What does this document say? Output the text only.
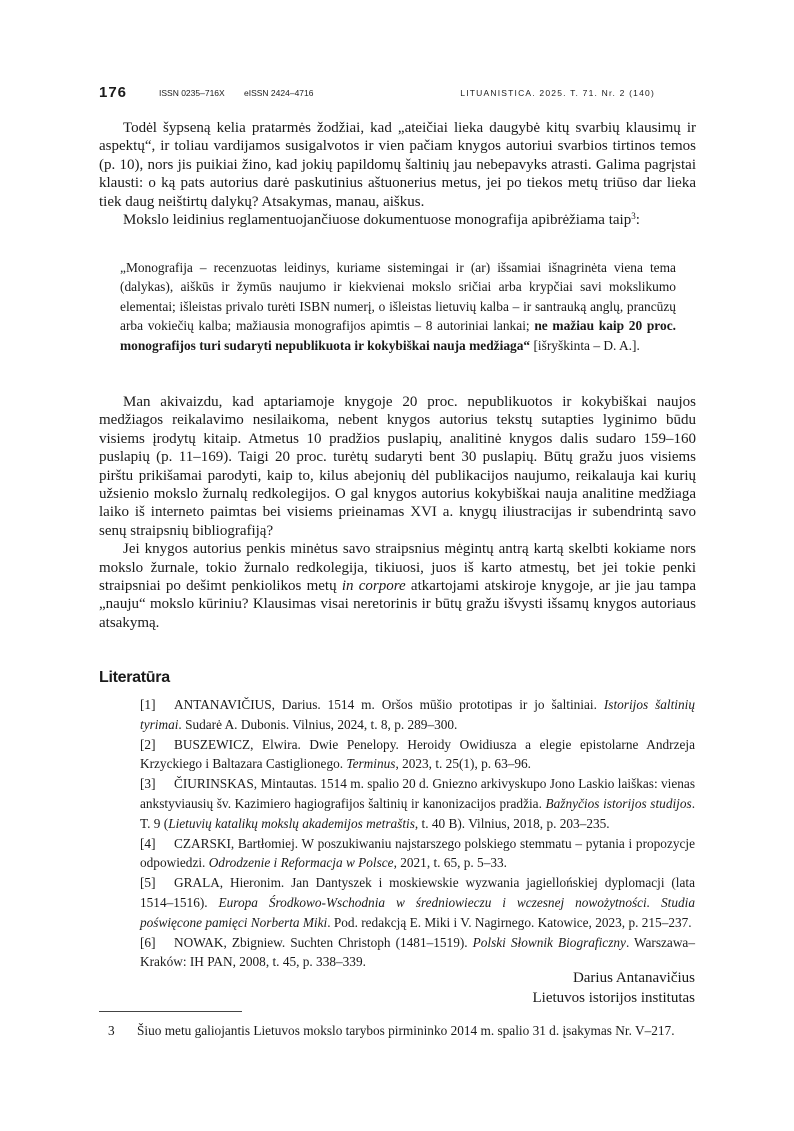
176	ISSN 0235–716X eISSN 2424–4716	LITUANISTICA. 2025. T. 71. Nr. 2 (140)

Todėl šypseną kelia pratarmės žodžiai, kad „ateičiai lieka daugybė kitų svarbių klausimų ir aspektų“, ir toliau vardijamos susigalvotos ir vien pačiam knygos autoriui svarbios tirtinos temos (p. 10), nors jis puikiai žino, kad jokių papildomų šaltinių jau nebepavyks atrasti. Galima pagrįstai klausti: o ką pats autorius darė paskutinius aštuonerius metus, jei po tiekos metų triūso dar lieka tiek daug neištirtų dalykų? Atsakymas, manau, aiškus.

Mokslo leidinius reglamentuojančiuose dokumentuose monografija apibrėžiama taip$^3$:

„Monografija – recenzuotas leidinys, kuriame sistemingai ir (ar) išsamiai išnagrinėta viena tema (dalykas), aiškūs ir žymūs naujumo ir kiekvienai mokslo sričiai arba krypčiai savi mokslikumo elementai; išleistas privalo turėti ISBN numerį, o išleistas lietuvių kalba – ir santrauką anglų, prancūzų arba vokiečių kalba; mažiausia monografijos apimtis – 8 autoriniai lankai; ne mažiau kaip 20 proc. monografijos turi sudaryti nepublikuota ir kokybiškai nauja medžiaga“ [išryškinta – D. A.].

Man akivaizdu, kad aptariamoje knygoje 20 proc. nepublikuotos ir kokybiškai naujos medžiagos reikalavimo nesilaikoma, nebent knygos autorius tekstų sutapties lyginimo būdu visiems įrodytų kitaip. Atmetus 10 pradžios puslapių, analitinė knygos dalis sudaro 159–160 puslapių (p. 11–169). Taigi 20 proc. turėtų sudaryti bent 30 puslapių. Būtų gražu juos visiems pirštu prikišamai parodyti, kaip to, kilus abejonių dėl publikacijos naujumo, reikalauja kai kurių užsienio mokslo žurnalų redkolegijos. O gal knygos autorius kokybiškai nauja analitine medžiaga laiko iš interneto paimtas bei visiems prieinamas XVI a. knygų iliustracijas ir subendrintą savo senų straipsnių bibliografiją?

Jei knygos autorius penkis minėtus savo straipsnius mėgintų antrą kartą skelbti kokiame nors mokslo žurnale, tokio žurnalo redkolegija, tikiuosi, juos iš karto atmestų, bet jei tokie penki straipsniai po dešimt penkiolikos metų in corpore atkartojami atskiroje knygoje, ar jie jau tampa „nauju“ mokslo kūriniu? Klausimas visai neretorinis ir būtų gražu išvysti išsamų knygos autoriaus atsakymą.

Literatūra

[1] ANTANAVIČIUS, Darius. 1514 m. Oršos mūšio prototipas ir jo šaltiniai. Istorijos šaltinių tyrimai. Sudarė A. Dubonis. Vilnius, 2024, t. 8, p. 289–300.

[2] BUSZEWICZ, Elwira. Dwie Penelopy. Heroidy Owidiusza a elegie epistolarne Andrzeja Krzyckiego i Baltazara Castiglionego. Terminus, 2023, t. 25(1), p. 63–96.

[3] ČIURINSKAS, Mintautas. 1514 m. spalio 20 d. Gniezno arkivyskupo Jono Laskio laiškas: vienas ankstyviausių šv. Kazimiero hagiografijos šaltinių ir kanonizacijos pradžia. Bažnyčios istorijos studijos. T. 9 (Lietuvių katalikų mokslų akademijos metraštis, t. 40 B). Vilnius, 2018, p. 203–235.

[4] CZARSKI, Bartłomiej. W poszukiwaniu najstarszego polskiego stemmatu – pytania i propozycje odpowiedzi. Odrodzenie i Reformacja w Polsce, 2021, t. 65, p. 5–33.

[5] GRALA, Hieronim. Jan Dantyszek i moskiewskie wyzwania jagiellońskiej dyplomacji (lata 1514–1516). Europa Środkowo-Wschodnia w średniowieczu i wczesnej nowożytności. Studia poświęcone pamięci Norberta Miki. Pod. redakcją E. Miki i V. Nagirnego. Katowice, 2023, p. 215–237.

[6] NOWAK, Zbigniew. Suchten Christoph (1481–1519). Polski Słownik Biograficzny. Warszawa–Kraków: IH PAN, 2008, t. 45, p. 338–339.

Darius Antanavičius
Lietuvos istorijos institutas
3 Šiuo metu galiojantis Lietuvos mokslo tarybos pirmininko 2014 m. spalio 31 d. įsakymas Nr. V–217.
